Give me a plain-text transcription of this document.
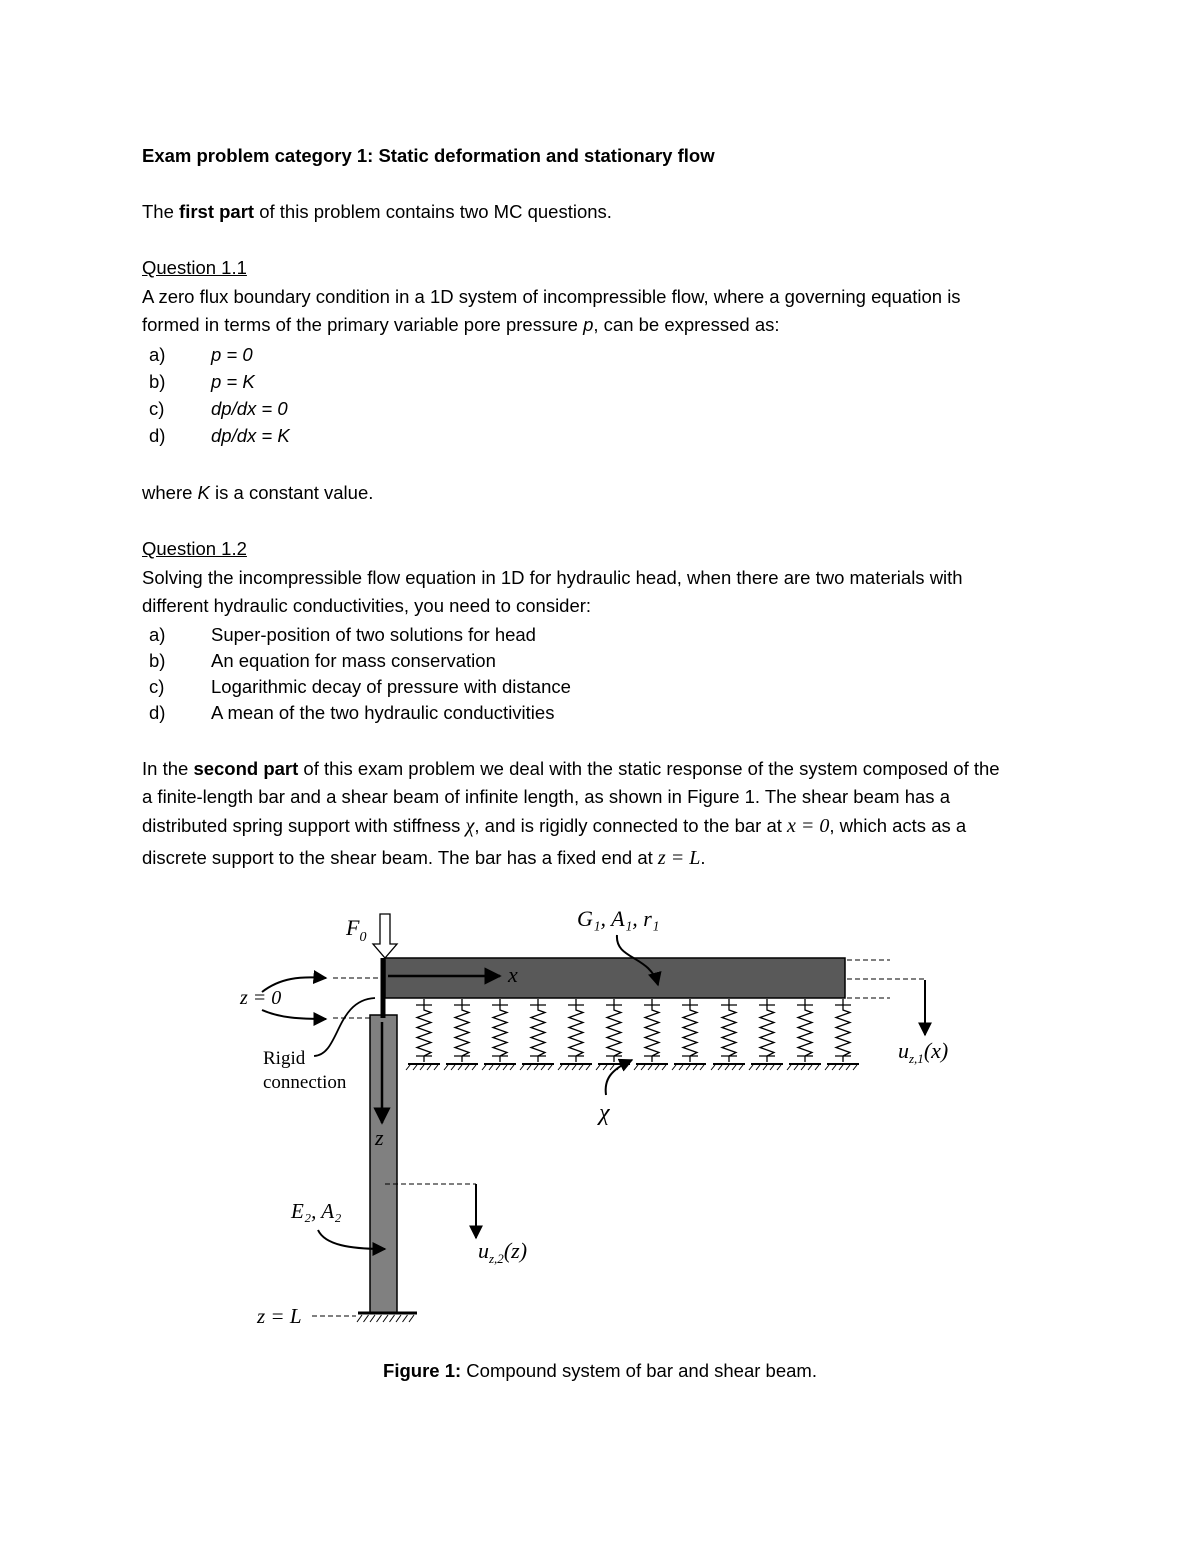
Exam problem category 1: Static deformation and stationary flow
The first part of this problem contains two MC questions.
Question 1.1
A zero flux boundary condition in a 1D system of incompressible flow, where a governing equation is
formed in terms of the primary variable pore pressure p, can be expressed as:
a) p = 0
b) p = K
c)	dp/dx = 0
d) dp/dx = K
where K is a constant value.
Question 1.2
Solving the incompressible flow equation in 1D for hydraulic head, when there are two materials with
different hydraulic conductivities, you need to consider:
a) Super-position of two solutions for head
b) An equation for mass conservation
c)	Logarithmic decay of pressure with distance
d) A mean of the two hydraulic conductivities
In the second part of this exam problem we deal with the static response of the system composed of the
a finite-length bar and a shear beam of infinite length, as shown in Figure 1. The shear beam has a
distributed spring support with stiffness χ, and is rigidly connected to the bar at x = 0, which acts as a
discrete support to the shear beam. The bar has a fixed end at z = L.
$F_0$
G₁, A₁, r₁
x
z = 0
Rigid
connection
z
χ
$u_{z,1}(x)$
$u_{z,2}(z)$
E₂, A₂
z = L
Figure 1: Compound system of bar and shear beam.
